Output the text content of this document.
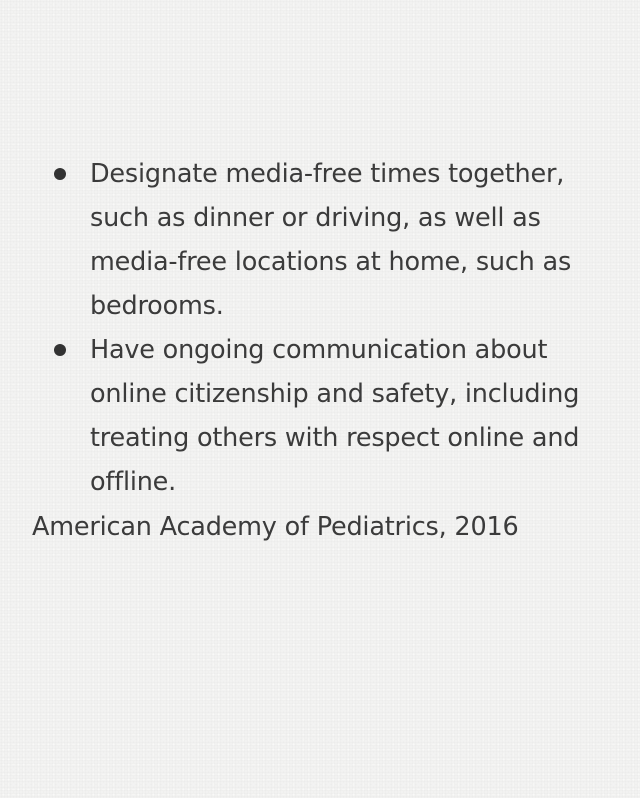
Designate media-free times together,
such as dinner or driving, as well as
media-free locations at home, such as
bedrooms.
Have ongoing communication about
online citizenship and safety, including
treating others with respect online and
offline.
American Academy of Pediatrics, 2016
